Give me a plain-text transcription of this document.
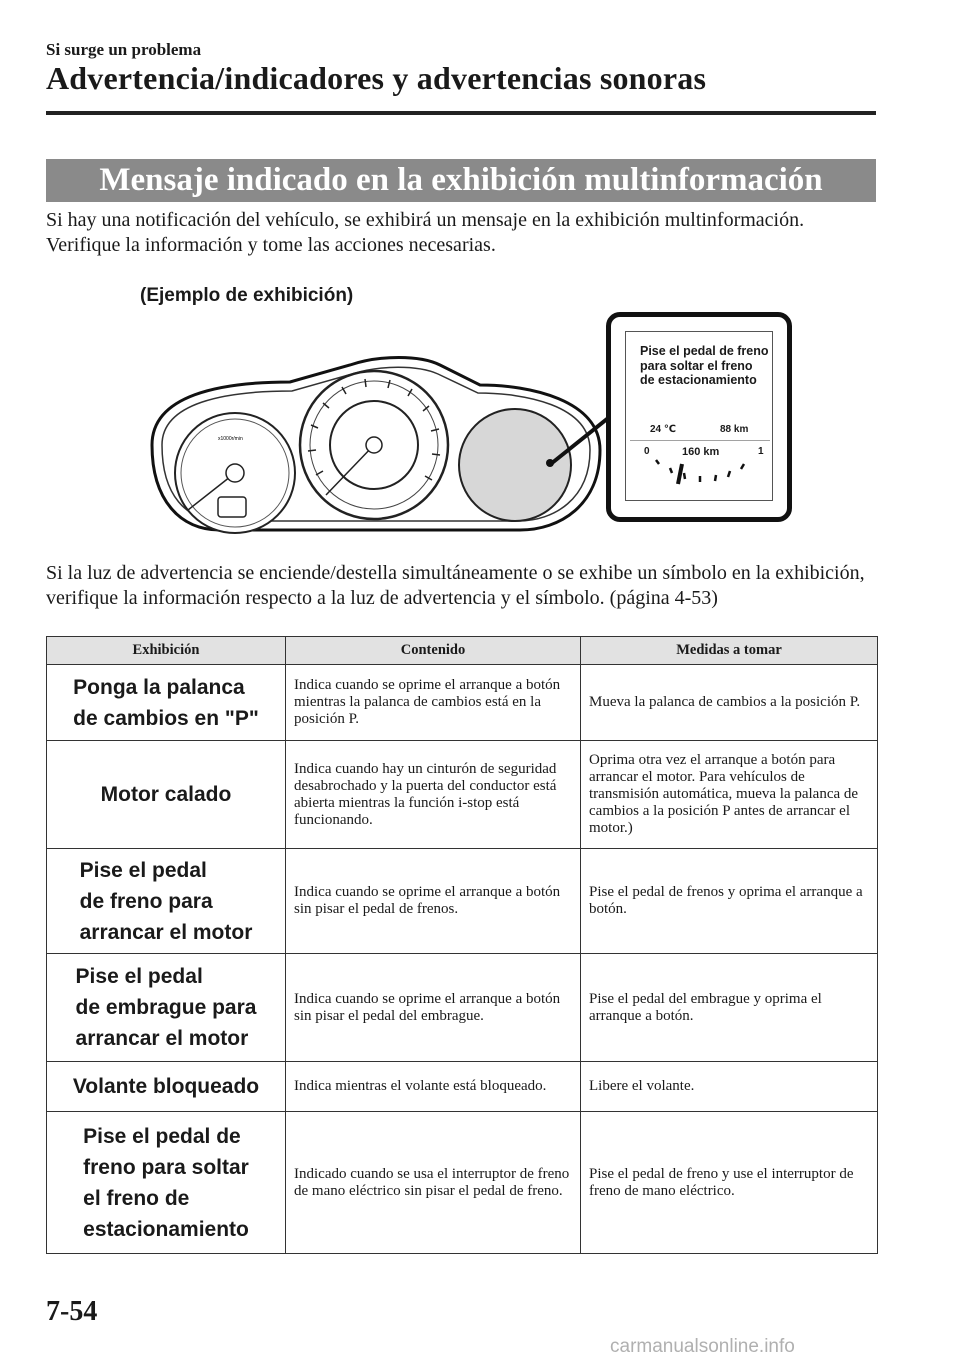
Si surge un problema
Advertencia/indicadores y advertencias sonoras
Mensaje indicado en la exhibición multinformación

Si hay una notificación del vehículo, se exhibirá un mensaje en la exhibición multinformación. Verifique la información y tome las acciones necesarias.

(Ejemplo de exhibición)
x1000r/min
Pise el pedal de freno para soltar el freno de estacionamiento
24 ℃	88 km
0	160 km	1

Si la luz de advertencia se enciende/destella simultáneamente o se exhibe un símbolo en la exhibición, verifique la información respecto a la luz de advertencia y el símbolo. (página 4-53)

Exhibición	Contenido	Medidas a tomar
Ponga la palanca
de cambios en "P"	Indica cuando se oprime el arranque a botón mientras la palanca de cambios está en la posición P.	Mueva la palanca de cambios a la posición P.
Motor calado	Indica cuando hay un cinturón de seguridad desabrochado y la puerta del conductor está abierta mientras la función i-stop está funcionando.	Oprima otra vez el arranque a botón para arrancar el motor. Para vehículos de transmisión automática, mueva la palanca de cambios a la posición P antes de arrancar el motor.)
Pise el pedal
de freno para
arrancar el motor	Indica cuando se oprime el arranque a botón sin pisar el pedal de frenos.	Pise el pedal de frenos y oprima el arranque a botón.
Pise el pedal
de embrague para
arrancar el motor	Indica cuando se oprime el arranque a botón sin pisar el pedal del embrague.	Pise el pedal del embrague y oprima el arranque a botón.
Volante bloqueado	Indica mientras el volante está bloqueado.	Libere el volante.
Pise el pedal de
freno para soltar
el freno de
estacionamiento	Indicado cuando se usa el interruptor de freno de mano eléctrico sin pisar el pedal de freno.	Pise el pedal de freno y use el interruptor de freno de mano eléctrico.
7-54
carmanualsonline.info
